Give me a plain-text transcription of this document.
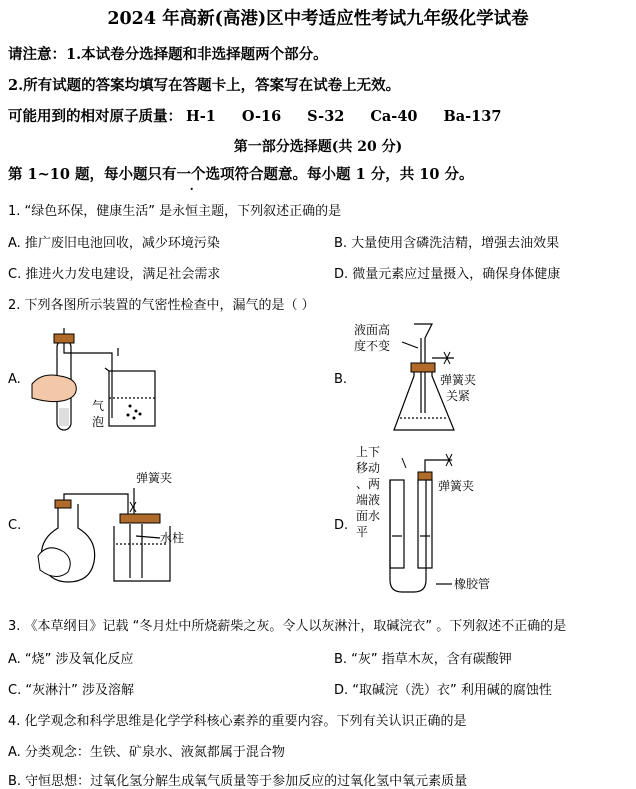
2024 年高新(高港)区中考适应性考试九年级化学试卷
请注意：1.本试卷分选择题和非选择题两个部分。
2.所有试题的答案均填写在答题卡上，答案写在试卷上无效。
可能用到的相对原子质量： H-1 O-16 S-32 Ca-40 Ba-137
第一部分选择题(共 20 分)
第 1~10 题，每小题只有一个选项符合题意。每小题 1 分，共 10 分。
1. “绿色环保，健康生活” 是永恒主题，下列叙述正确的是
A. 推广废旧电池回收，减少环境污染	B. 大量使用含磷洗洁精，增强去油效果
C. 推进火力发电建设，满足社会需求	D. 微量元素应过量摄入，确保身体健康
2. 下列各图所示装置的气密性检查中，漏气的是（ ）
A.	B.
C.	D.
气
泡
液面高
度不变
弹簧夹
关紧
弹簧夹
水柱
上下
移动
、两
端液
面水
平
弹簧夹
橡胶管
3. 《本草纲目》记载 “冬月灶中所烧薪柴之灰。令人以灰淋汁，取碱浣衣” 。下列叙述不正确的是
A. “烧” 涉及氧化反应	B. “灰” 指草木灰，含有碳酸钾
C. “灰淋汁” 涉及溶解	D. “取碱浣（洗）衣” 利用碱的腐蚀性
4. 化学观念和科学思维是化学学科核心素养的重要内容。下列有关认识正确的是
A. 分类观念：生铁、矿泉水、液氮都属于混合物
B. 守恒思想：过氧化氢分解生成氧气质量等于参加反应的过氧化氢中氧元素质量
